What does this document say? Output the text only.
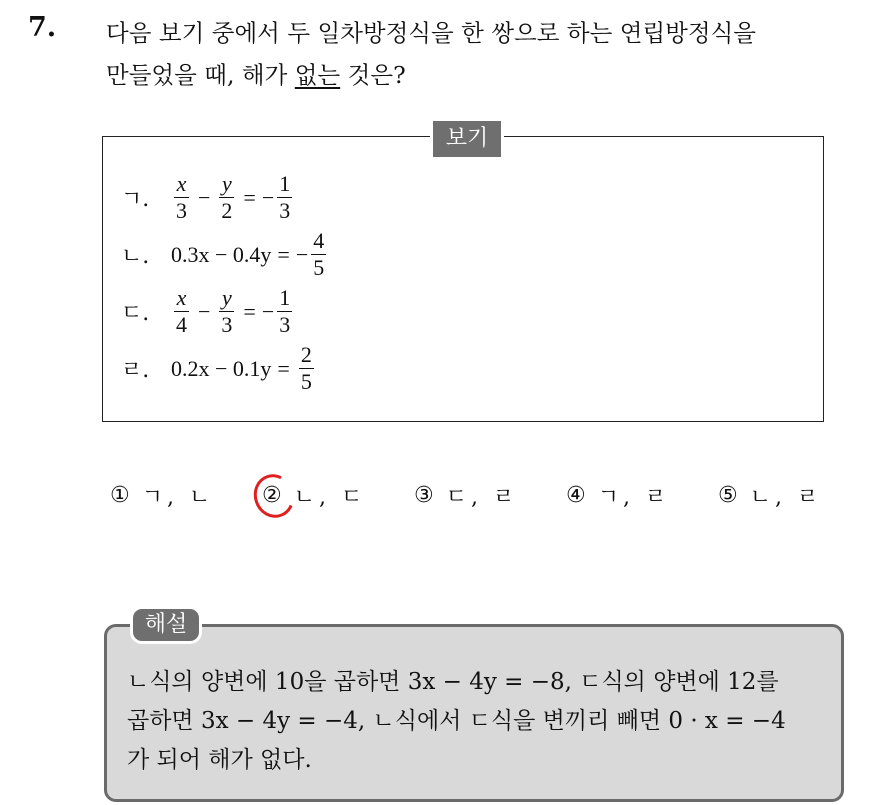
7. 다음 보기 중에서 두 일차방정식을 한 쌍으로 하는 연립방정식을
만들었을 때, 해가 없는 것은?
ㄱ.	$\frac{x}{3} - \frac{y}{2}$ = − $\frac{1}{3}$
ㄴ. 0.3x − 0.4y = − $\frac{4}{5}$
ㄷ.	$\frac{x}{4} - \frac{y}{3}$ = − $\frac{1}{3}$
ㄹ. $0.2x - 0.1y = \frac{2}{5}$
보기
① ㄱ, ㄴ ② ㄴ, ㄷ ③ ㄷ, ㄹ ④ ㄱ, ㄹ ⑤ ㄴ, ㄹ
ㄴ식의 양변에 10을 곱하면 3x − 4y = −8, ㄷ식의 양변에 12를
곱하면 3x − 4y = −4, ㄴ식에서 ㄷ식을 변끼리 빼면 0 · x = −4
가 되어 해가 없다.
해설
